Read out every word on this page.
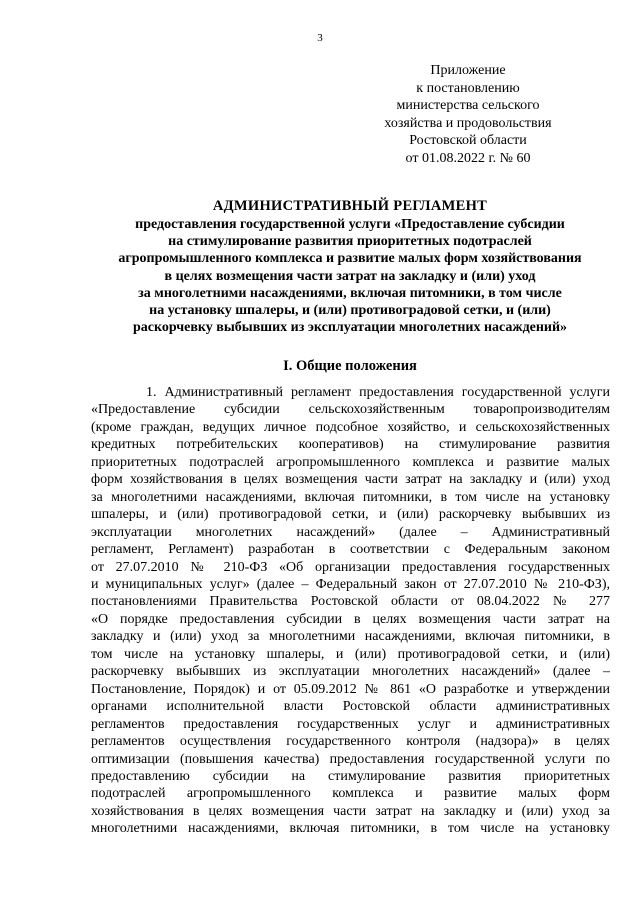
3
Приложение
к постановлению
министерства сельского
хозяйства и продовольствия
Ростовской области
от 01.08.2022 г. № 60
АДМИНИСТРАТИВНЫЙ РЕГЛАМЕНТ
предоставления государственной услуги «Предоставление субсидии
на стимулирование развития приоритетных подотраслей
агропромышленного комплекса и развитие малых форм хозяйствования
в целях возмещения части затрат на закладку и (или) уход
за многолетними насаждениями, включая питомники, в том числе
на установку шпалеры, и (или) противоградовой сетки, и (или)
раскорчевку выбывших из эксплуатации многолетних насаждений»
I. Общие положения
1. Административный регламент предоставления государственной услуги
«Предоставление субсидии сельскохозяйственным товаропроизводителям
(кроме граждан, ведущих личное подсобное хозяйство, и сельскохозяйственных
кредитных потребительских кооперативов) на стимулирование развития
приоритетных подотраслей агропромышленного комплекса и развитие малых
форм хозяйствования в целях возмещения части затрат на закладку и (или) уход
за многолетними насаждениями, включая питомники, в том числе на установку
шпалеры, и (или) противоградовой сетки, и (или) раскорчевку выбывших из
эксплуатации многолетних насаждений» (далее – Административный
регламент, Регламент) разработан в соответствии с Федеральным законом
от 27.07.2010 № 210-ФЗ «Об организации предоставления государственных
и муниципальных услуг» (далее – Федеральный закон от 27.07.2010 № 210-ФЗ),
постановлениями Правительства Ростовской области от 08.04.2022 № 277
«О порядке предоставления субсидии в целях возмещения части затрат на
закладку и (или) уход за многолетними насаждениями, включая питомники, в
том числе на установку шпалеры, и (или) противоградовой сетки, и (или)
раскорчевку выбывших из эксплуатации многолетних насаждений» (далее –
Постановление, Порядок) и от 05.09.2012 № 861 «О разработке и утверждении
органами исполнительной власти Ростовской области административных
регламентов предоставления государственных услуг и административных
регламентов осуществления государственного контроля (надзора)» в целях
оптимизации (повышения качества) предоставления государственной услуги по
предоставлению субсидии на стимулирование развития приоритетных
подотраслей агропромышленного комплекса и развитие малых форм
хозяйствования в целях возмещения части затрат на закладку и (или) уход за
многолетними насаждениями, включая питомники, в том числе на установку
